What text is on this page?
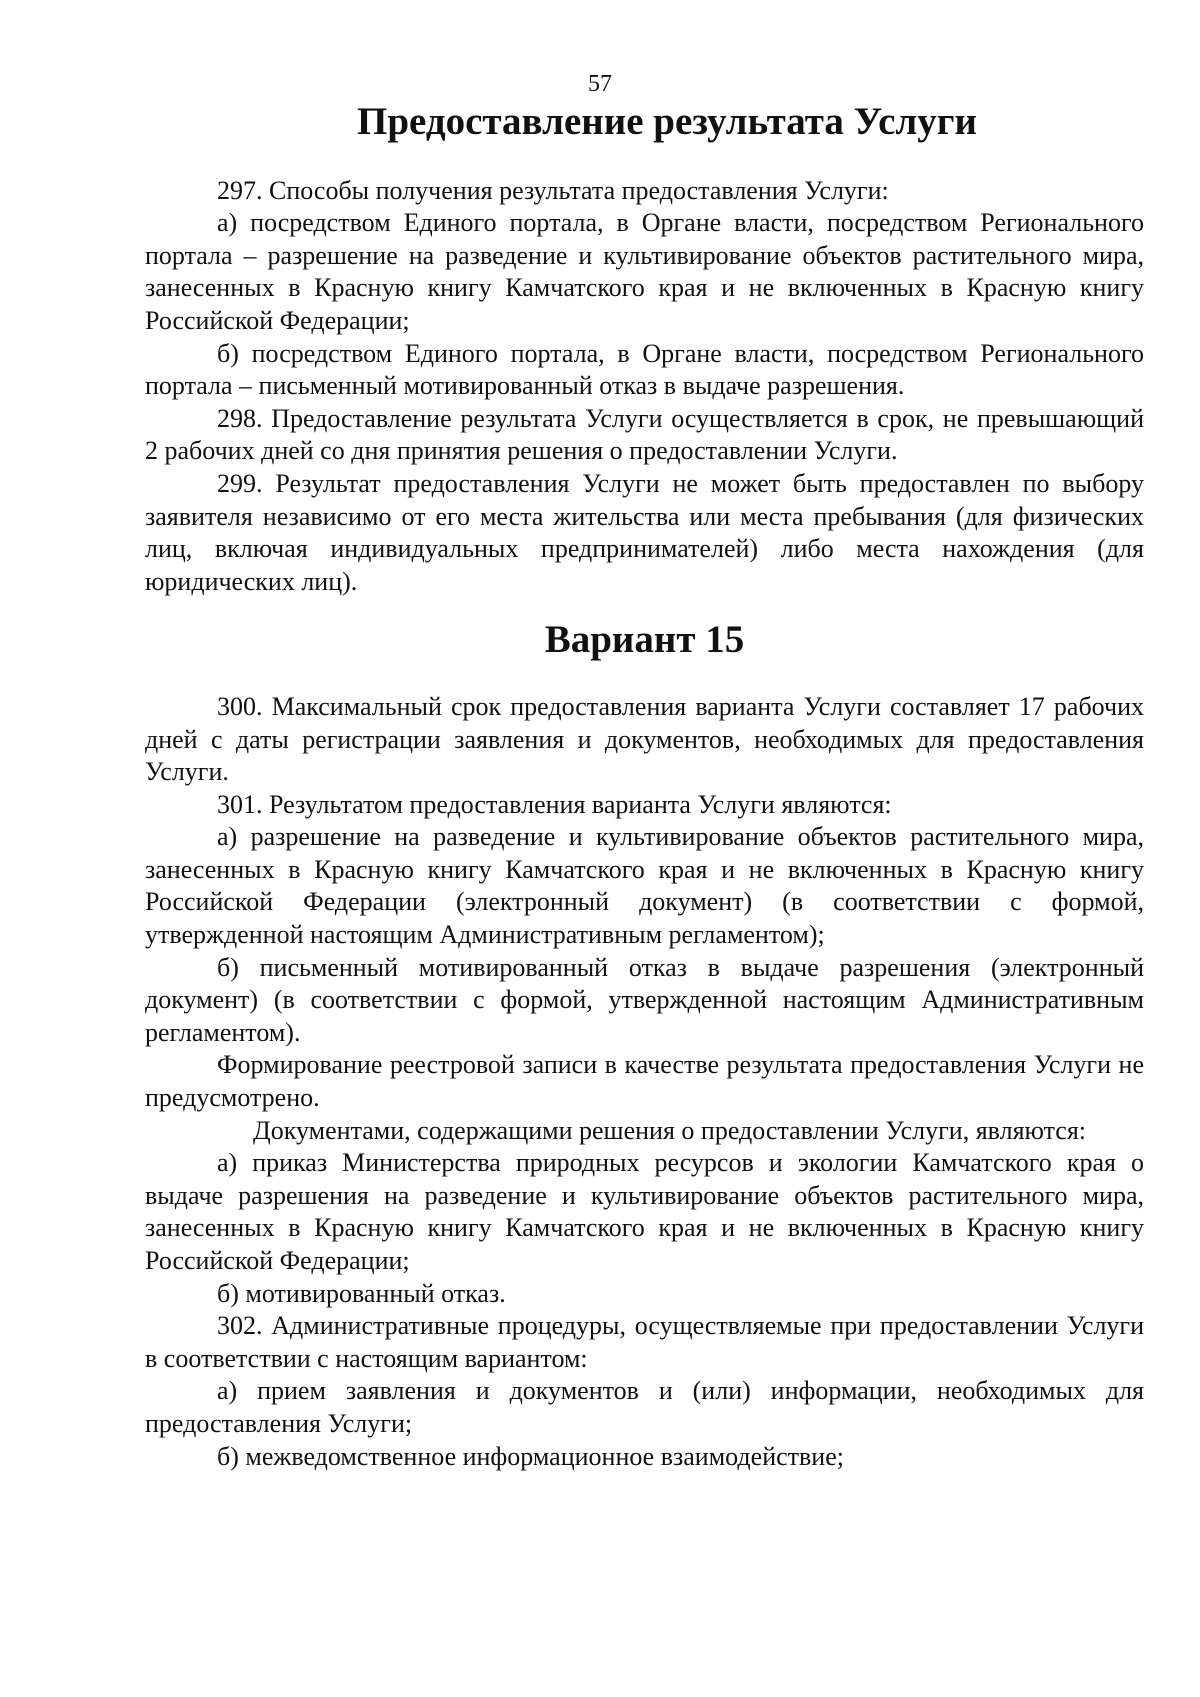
57
Предоставление результата Услуги

297. Способы получения результата предоставления Услуги:

а) посредством Единого портала, в Органе власти, посредством Регионального портала – разрешение на разведение и культивирование объектов растительного мира, занесенных в Красную книгу Камчатского края и не включенных в Красную книгу Российской Федерации;

б) посредством Единого портала, в Органе власти, посредством Регионального портала – письменный мотивированный отказ в выдаче разрешения.

298. Предоставление результата Услуги осуществляется в срок, не превышающий 2 рабочих дней со дня принятия решения о предоставлении Услуги.

299. Результат предоставления Услуги не может быть предоставлен по выбору заявителя независимо от его места жительства или места пребывания (для физических лиц, включая индивидуальных предпринимателей) либо места нахождения (для юридических лиц).

Вариант 15

300. Максимальный срок предоставления варианта Услуги составляет 17 рабочих дней с даты регистрации заявления и документов, необходимых для предоставления Услуги.

301. Результатом предоставления варианта Услуги являются:

а) разрешение на разведение и культивирование объектов растительного мира, занесенных в Красную книгу Камчатского края и не включенных в Красную книгу Российской Федерации (электронный документ) (в соответствии с формой, утвержденной настоящим Административным регламентом);

б) письменный мотивированный отказ в выдаче разрешения (электронный документ) (в соответствии с формой, утвержденной настоящим Административным регламентом).

Формирование реестровой записи в качестве результата предоставления Услуги не предусмотрено.

Документами, содержащими решения о предоставлении Услуги, являются:

а) приказ Министерства природных ресурсов и экологии Камчатского края о выдаче разрешения на разведение и культивирование объектов растительного мира, занесенных в Красную книгу Камчатского края и не включенных в Красную книгу Российской Федерации;

б) мотивированный отказ.

302. Административные процедуры, осуществляемые при предоставлении Услуги в соответствии с настоящим вариантом:

а) прием заявления и документов и (или) информации, необходимых для предоставления Услуги;

б) межведомственное информационное взаимодействие;
